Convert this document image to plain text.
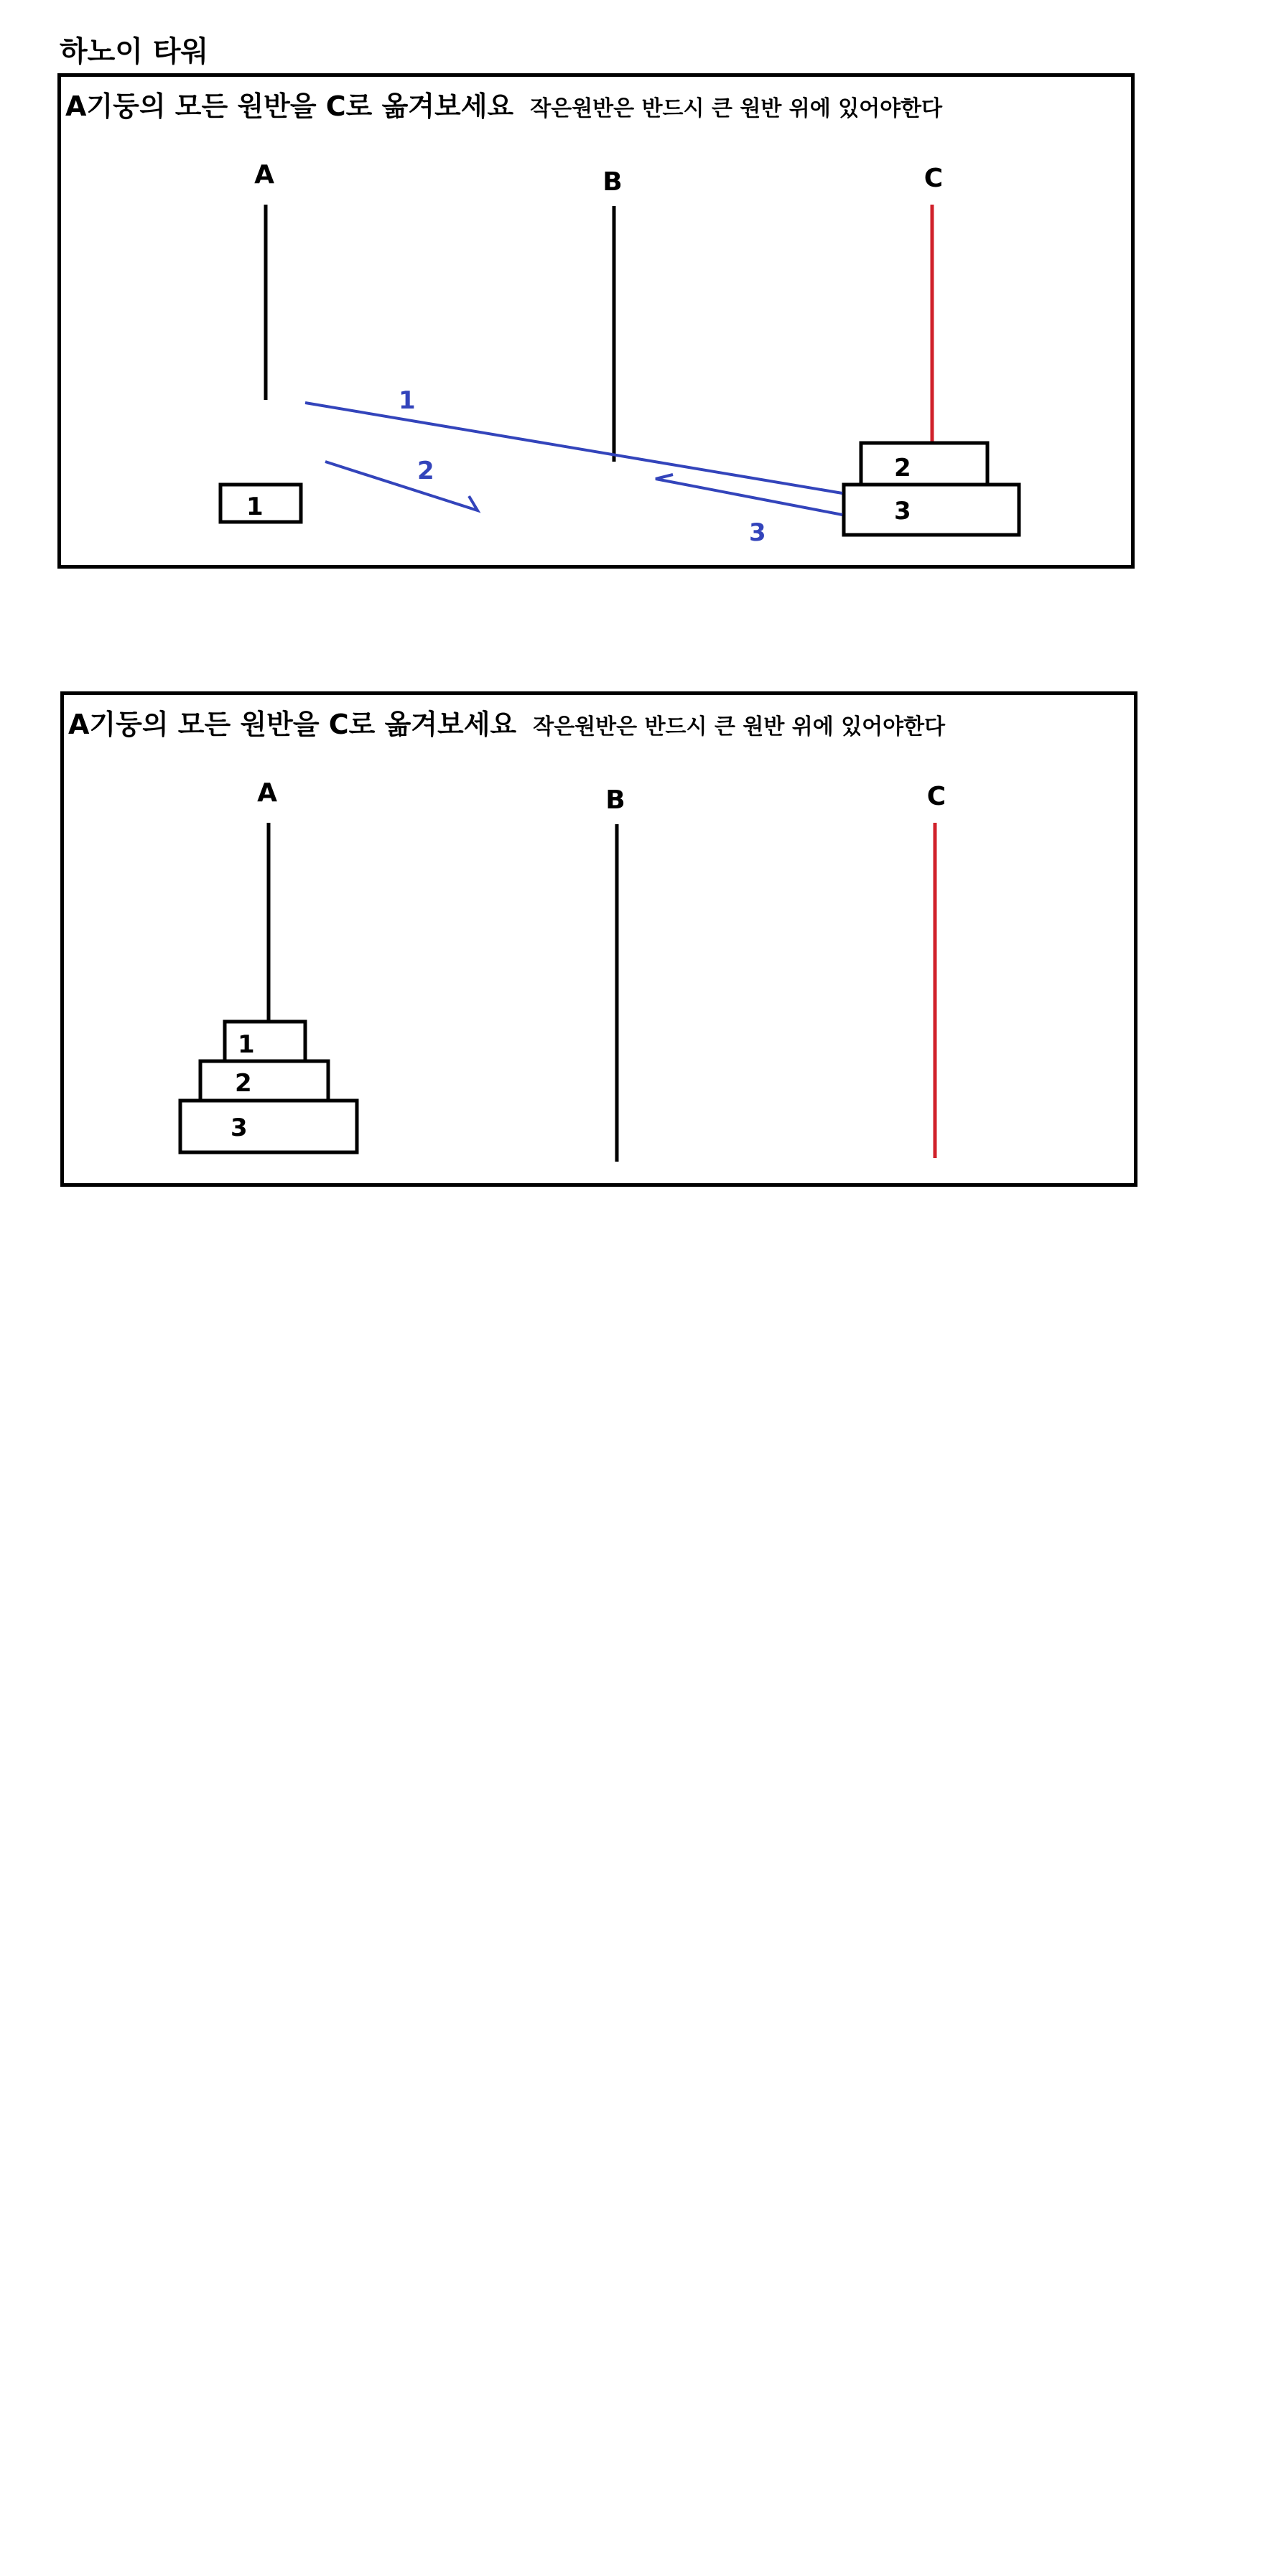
하노이 타워
A기둥의 모든 원반을 C로 옮겨보세요 작은원반은 반드시 큰 원반 위에 있어야한다
A	B	C
1	3
2
1
2
3
A기둥의 모든 원반을 C로 옮겨보세요 작은원반은 반드시 큰 원반 위에 있어야한다
A	B	C
3
2
1
